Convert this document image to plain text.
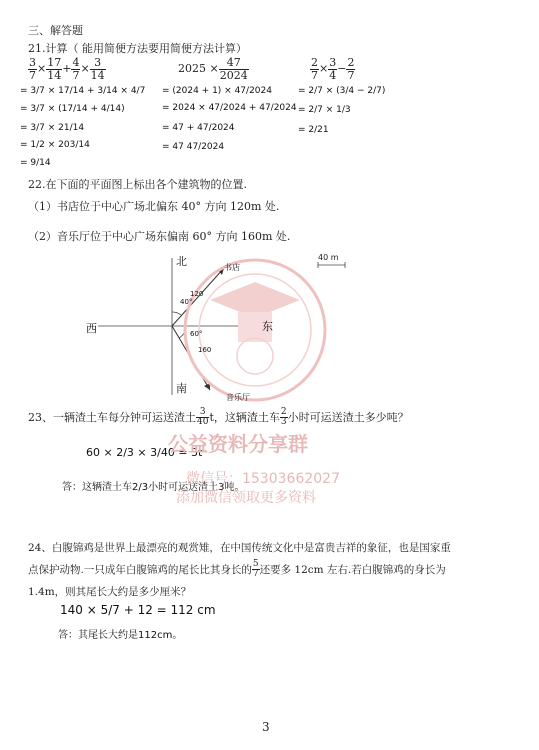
三、解答题
21.计算（ 能用简便方法要用简便方法计算）
$\frac{3}{7} \times \frac{17}{14} + \frac{4}{7} \times \frac{3}{14}$
= 3/7 × 17/14 + 3/14 × 4/7
= 3/7 × (17/14 + 4/14)
= 3/7 × 21/14
= 1/2 × 203/14
= 9/14
$2025 \times \frac{47}{2024}$
= (2024 + 1) × 47/2024
= 2024 × 47/2024 + 47/2024
= 47 + 47/2024
= 47 47/2024
$\frac{2}{7} \times \frac{3}{4} - \frac{2}{7}$
= 2/7 × (3/4 − 2/7)
= 2/7 × 1/3
= 2/21
22.在下面的平面图上标出各个建筑物的位置.
（1）书店位于中心广场北偏东 40° 方向 120m 处.
（2）音乐厅位于中心广场东偏南 60° 方向 160m 处.
40 m
北
南
东
西
书店
40°
60°
120
160
音乐厅
23、一辆渣土车每分钟可运送渣土 $\frac{3}{40}$ t，这辆渣土车 $\frac{2}{3}$ 小时可运送渣土多少吨？
60 × 2/3 × 3/40 = 3t
答：这辆渣土车2/3小时可运送渣土3吨。
公益资料分享群
微信号：15303662027
添加微信领取更多资料
24、白腹锦鸡是世界上最漂亮的观赏雉，在中国传统文化中是富贵吉祥的象征，也是国家重
点保护动物.一只成年白腹锦鸡的尾长比其身长的 $\frac{5}{7}$ 还要多 12cm 左右.若白腹锦鸡的身长为
1.4m，则其尾长大约是多少厘米？
140 × 5/7 + 12 = 112 cm
答：其尾长大约是112cm。
3
